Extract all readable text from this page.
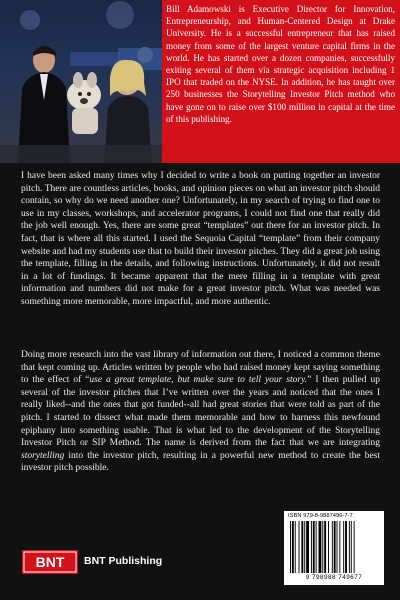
Bill Adamowski is Executive Director for Innovation, Entrepreneurship, and Human-Centered Design at Drake University. He is a successful entrepreneur that has raised money from some of the largest venture capital firms in the world. He has started over a dozen companies, successfully exiting several of them via strategic acquisition including 1 IPO that traded on the NYSE. In addition, he has taught over 250 businesses the Storytelling Investor Pitch method who have gone on to raise over $100 million in capital at the time of this publishing.

I have been asked many times why I decided to write a book on putting together an investor pitch. There are countless articles, books, and opinion pieces on what an investor pitch should contain, so why do we need another one? Unfortunately, in my search of trying to find one to use in my classes, workshops, and accelerator programs, I could not find one that really did the job well enough. Yes, there are some great “templates” out there for an investor pitch. In fact, that is where all this started. I used the Sequoia Capital “template” from their company website and had my students use that to build their investor pitches. They did a great job using the template, filling in the details, and following instructions. Unfortunately, it did not result in a lot of fundings. It became apparent that the mere filling in a template with great information and numbers did not make for a great investor pitch. What was needed was something more memorable, more impactful, and more authentic.

Doing more research into the vast library of information out there, I noticed a common theme that kept coming up. Articles written by people who had raised money kept saying something to the effect of “use a great template, but make sure to tell your story.” I then pulled up several of the investor pitches that I’ve written over the years and noticed that the ones I really liked--and the ones that got funded--all had great stories that were told as part of the pitch. I started to dissect what made them memorable and how to harness this newfound epiphany into something usable. That is what led to the development of the Storytelling Investor Pitch or SIP Method. The name is derived from the fact that we are integrating storytelling into the investor pitch, resulting in a powerful new method to create the best investor pitch possible.

ISBN 979-8-9887496-7-7
9 798988 749677
BNT BNT Publishing
